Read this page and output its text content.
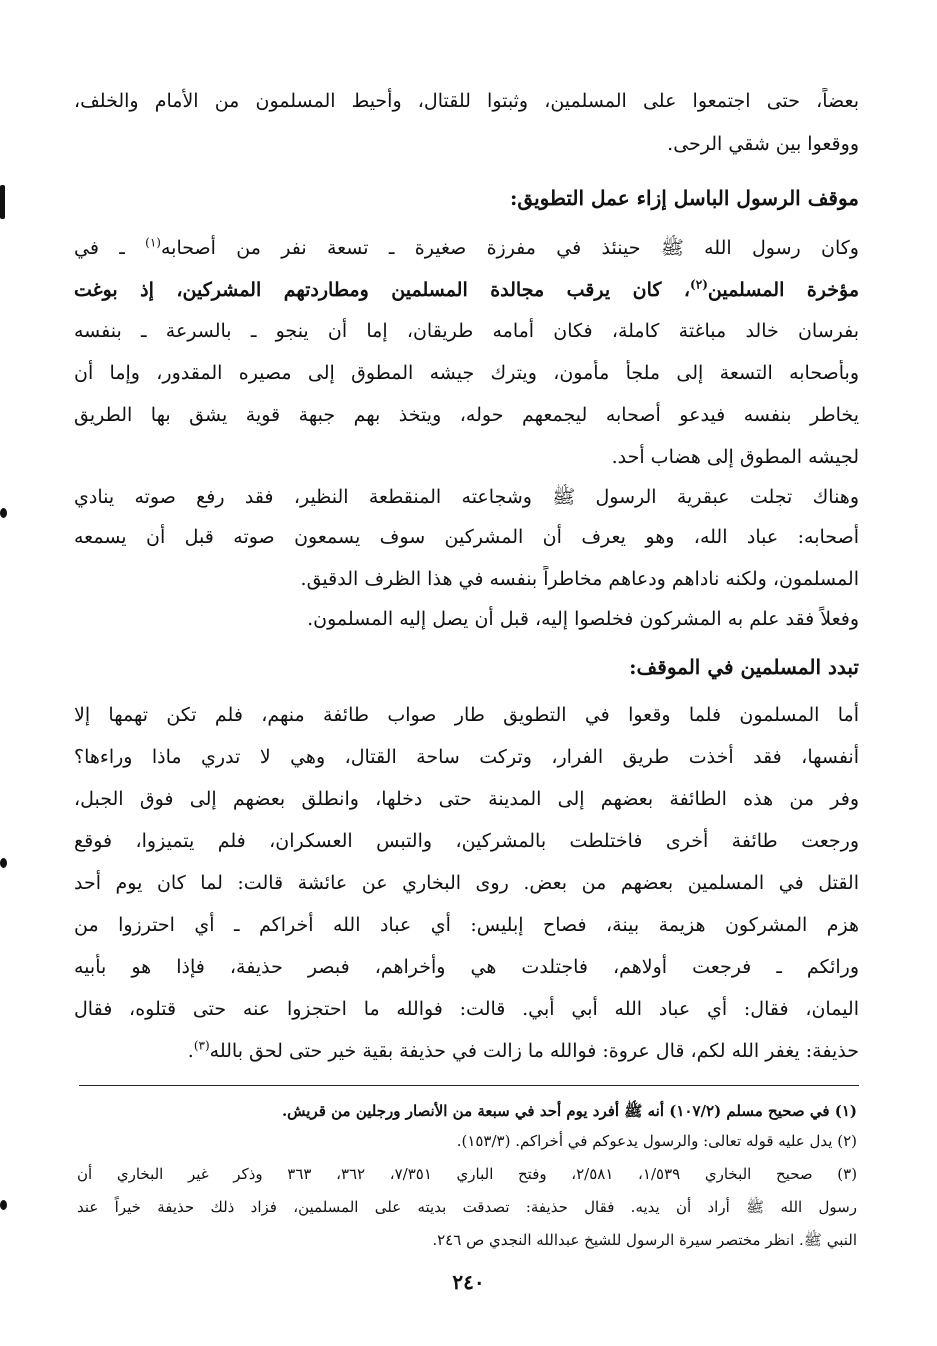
بعضاً، حتى اجتمعوا على المسلمين، وثبتوا للقتال، وأحيط المسلمون من الأمام والخلف،
ووقعوا بين شقي الرحى.
موقف الرسول الباسل إزاء عمل التطويق:
وكان رسول الله ﷺ حينئذ في مفرزة صغيرة ـ تسعة نفر من أصحابه$^{(١)}$ ـ في
مؤخرة المسلمين$^{(٢)}$، كان يرقب مجالدة المسلمين ومطاردتهم المشركين، إذ بوغت
بفرسان خالد مباغتة كاملة، فكان أمامه طريقان، إما أن ينجو ـ بالسرعة ـ بنفسه
وبأصحابه التسعة إلى ملجأ مأمون، ويترك جيشه المطوق إلى مصيره المقدور، وإما أن
يخاطر بنفسه فيدعو أصحابه ليجمعهم حوله، ويتخذ بهم جبهة قوية يشق بها الطريق
لجيشه المطوق إلى هضاب أحد.
وهناك تجلت عبقرية الرسول ﷺ وشجاعته المنقطعة النظير، فقد رفع صوته ينادي
أصحابه: عباد الله، وهو يعرف أن المشركين سوف يسمعون صوته قبل أن يسمعه
المسلمون، ولكنه ناداهم ودعاهم مخاطراً بنفسه في هذا الظرف الدقيق.
وفعلاً فقد علم به المشركون فخلصوا إليه، قبل أن يصل إليه المسلمون.
تبدد المسلمين في الموقف:
أما المسلمون فلما وقعوا في التطويق طار صواب طائفة منهم، فلم تكن تهمها إلا
أنفسها، فقد أخذت طريق الفرار، وتركت ساحة القتال، وهي لا تدري ماذا وراءها؟
وفر من هذه الطائفة بعضهم إلى المدينة حتى دخلها، وانطلق بعضهم إلى فوق الجبل،
ورجعت طائفة أخرى فاختلطت بالمشركين، والتبس العسكران، فلم يتميزوا، فوقع
القتل في المسلمين بعضهم من بعض. روى البخاري عن عائشة قالت: لما كان يوم أحد
هزم المشركون هزيمة بينة، فصاح إبليس: أي عباد الله أخراكم ـ أي احترزوا من
ورائكم ـ فرجعت أولاهم، فاجتلدت هي وأخراهم، فبصر حذيفة، فإذا هو بأبيه
اليمان، فقال: أي عباد الله أبي أبي. قالت: فوالله ما احتجزوا عنه حتى قتلوه، فقال
حذيفة: يغفر الله لكم، قال عروة: فوالله ما زالت في حذيفة بقية خير حتى لحق بالله$^{(٣)}$.
(١) في صحيح مسلم (١٠٧/٢) أنه ﷺ أفرد يوم أحد في سبعة من الأنصار ورجلين من قريش.
(٢) يدل عليه قوله تعالى: والرسول يدعوكم في أخراكم. (١٥٣/٣).
(٣) صحيح البخاري ١/٥٣٩، ٢/٥٨١، وفتح الباري ٧/٣٥١، ٣٦٢، ٣٦٣ وذكر غير البخاري أن
رسول الله ﷺ أراد أن يديه. فقال حذيفة: تصدقت بديته على المسلمين، فزاد ذلك حذيفة خيراً عند
النبي ﷺ. انظر مختصر سيرة الرسول للشيخ عبدالله النجدي ص ٢٤٦.
٢٤٠
